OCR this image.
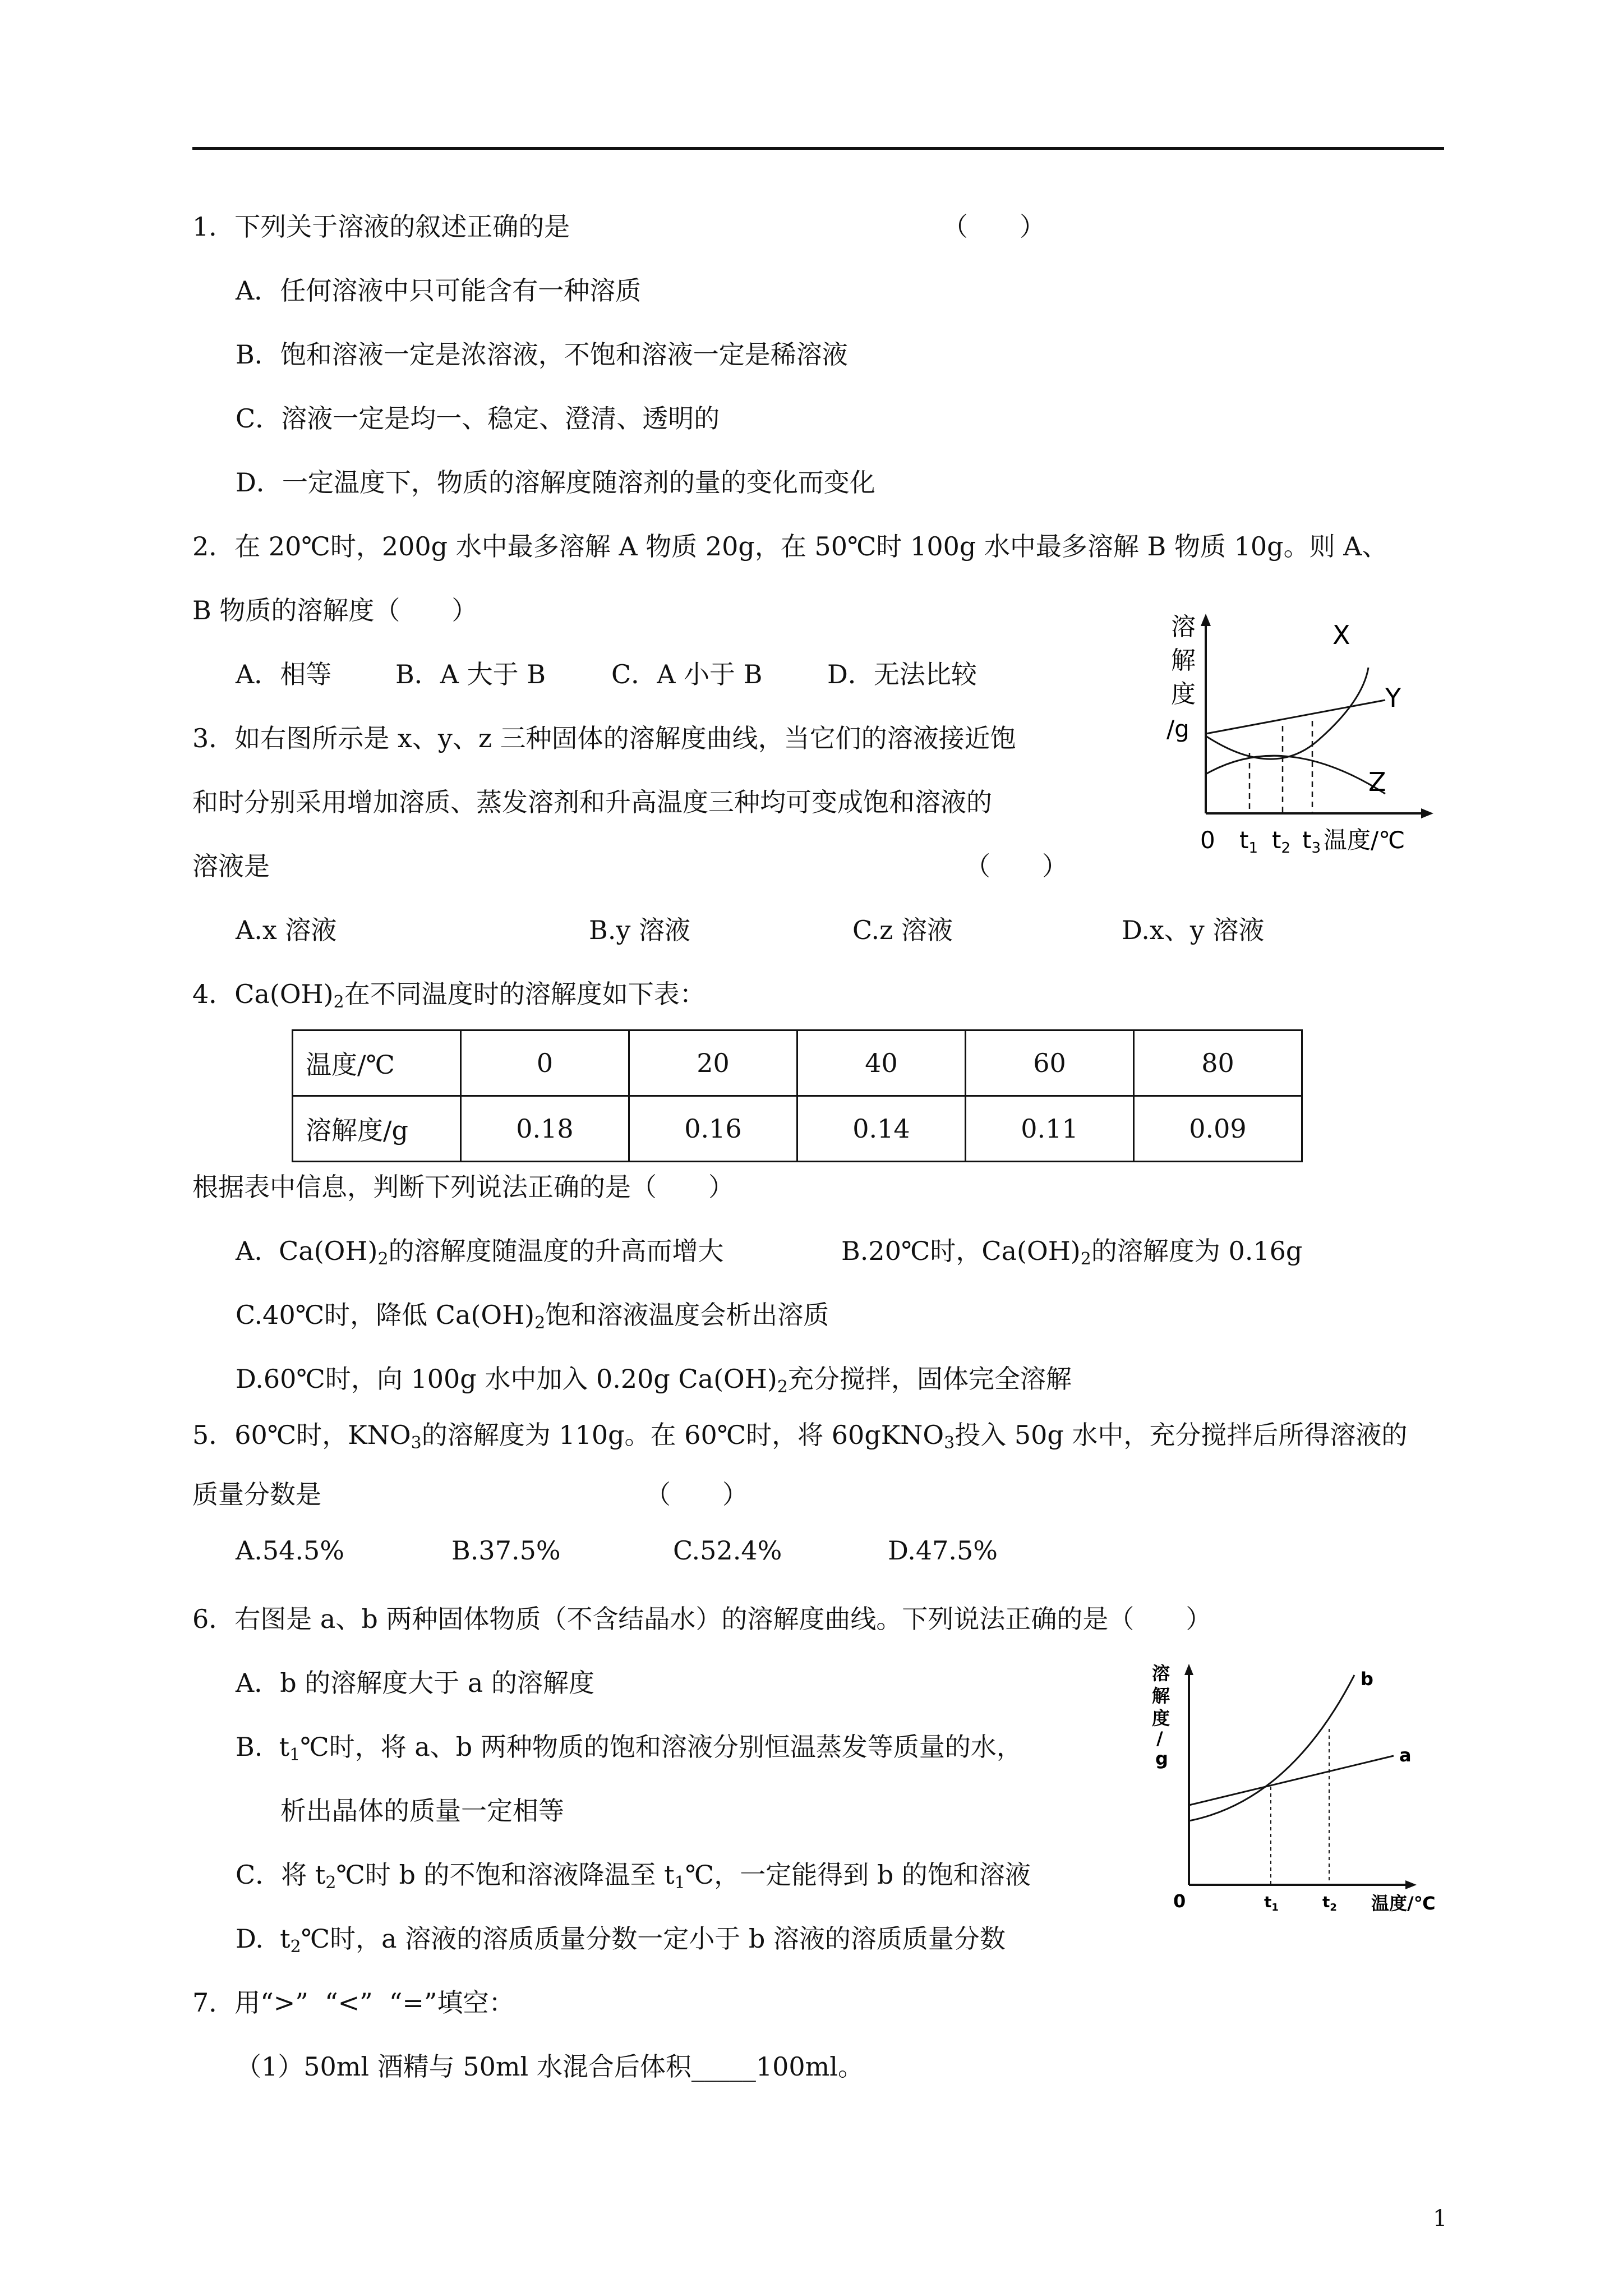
1．下列关于溶液的叙述正确的是	（　　）
A．任何溶液中只可能含有一种溶质
B．饱和溶液一定是浓溶液，不饱和溶液一定是稀溶液
C．溶液一定是均一、稳定、澄清、透明的
D．一定温度下，物质的溶解度随溶剂的量的变化而变化
2．在 20℃时，200g 水中最多溶解 A 物质 20g，在 50℃时 100g 水中最多溶解 B 物质 10g。则 A、
B 物质的溶解度（　　）
A．相等 B．A 大于 B	C．A 小于 B	D．无法比较
3．如右图所示是 x、y、z 三种固体的溶解度曲线，当它们的溶液接近饱
和时分别采用增加溶质、蒸发溶剂和升高温度三种均可变成饱和溶液的
溶液是	（　　）
A.x 溶液	B.y 溶液	C.z 溶液	D.x、y 溶液
溶
解
度
/g
X
Y
Z
0 t1 t2 t3 温度/℃
4．$Ca(OH)_2$在不同温度时的溶解度如下表：
温度/℃	0	20	40	60	80
溶解度/g	0.18	0.16	0.14	0.11	0.09
根据表中信息，判断下列说法正确的是（　　）
A.  $Ca(OH)_2$的溶解度随温度的升高而增大	B.20℃时，$Ca(OH)_2$的溶解度为 0.16g
C.40℃时，降低 $Ca(OH)_2$饱和溶液温度会析出溶质
D.60℃时，向 100g 水中加入 0.20g $Ca(OH)_2$充分搅拌，固体完全溶解
5．60℃时，$KNO_3$的溶解度为 110g。在 60℃时，将 60gKNO$_3$投入 50g 水中，充分搅拌后所得溶液的
质量分数是	（　　）
A.54.5%	B.37.5%	C.52.4%	D.47.5%
6．右图是 a、b 两种固体物质（不含结晶水）的溶解度曲线。下列说法正确的是（　　）
A．b 的溶解度大于 a 的溶解度
B.  $t_1℃$时，将 a、b 两种物质的饱和溶液分别恒温蒸发等质量的水，
析出晶体的质量一定相等
C．将 $t_2℃$时 b 的不饱和溶液降温至 $t_1℃$，一定能得到 b 的饱和溶液
D.  $t_2℃$时，a 溶液的溶质质量分数一定小于 b 溶液的溶质质量分数
溶
解
度
/
g
b
a
0	$t_1$	$t_2$ 温度/℃
7．用“>”  “<”  “=”填空：
（1）50ml 酒精与 50ml 水混合后体积_____100ml。
1
